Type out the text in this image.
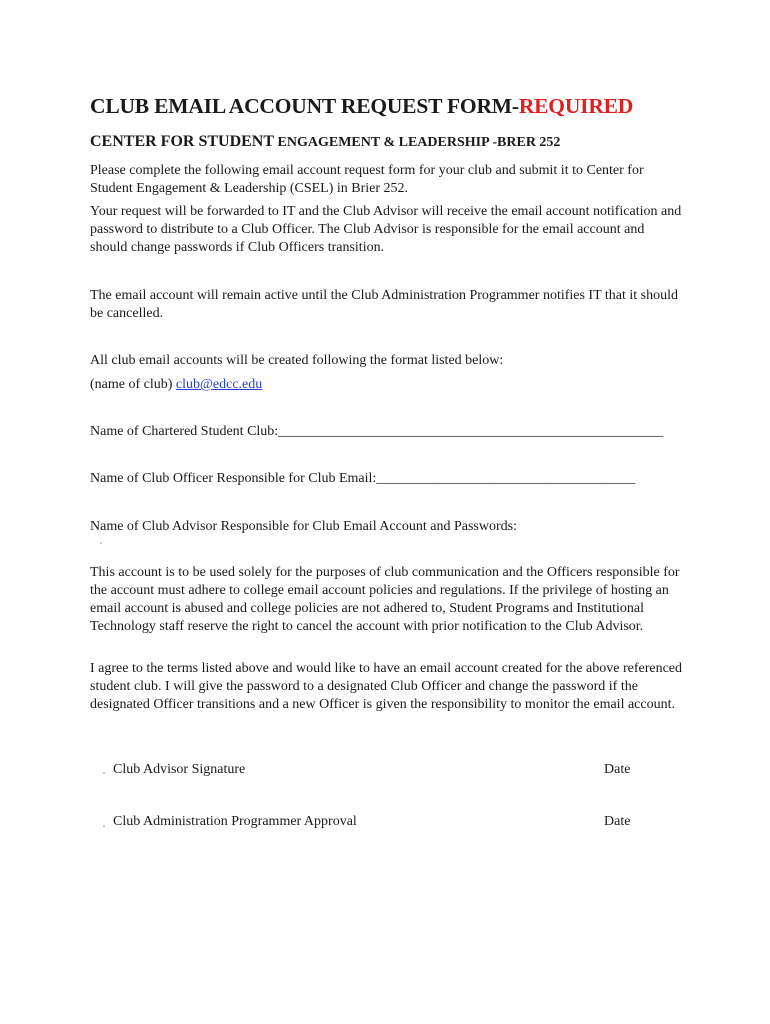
CLUB EMAIL ACCOUNT REQUEST FORM-REQUIRED
CENTER FOR STUDENT ENGAGEMENT & LEADERSHIP -BRER 252
Please complete the following email account request form for your club and submit it to Center for Student Engagement & Leadership (CSEL) in Brier 252.
Your request will be forwarded to IT and the Club Advisor will receive the email account notification and password to distribute to a Club Officer. The Club Advisor is responsible for the email account and should change passwords if Club Officers transition.
The email account will remain active until the Club Administration Programmer notifies IT that it should be cancelled.
All club email accounts will be created following the format listed below:
(name of club) club@edcc.edu
Name of Chartered Student Club:_______________________________________________________
Name of Club Officer Responsible for Club Email:_____________________________________
Name of Club Advisor Responsible for Club Email Account and Passwords:
This account is to be used solely for the purposes of club communication and the Officers responsible for the account must adhere to college email account policies and regulations. If the privilege of hosting an email account is abused and college policies are not adhered to, Student Programs and Institutional Technology staff reserve the right to cancel the account with prior notification to the Club Advisor.
I agree to the terms listed above and would like to have an email account created for the above referenced student club. I will give the password to a designated Club Officer and change the password if the designated Officer transitions and a new Officer is given the responsibility to monitor the email account.
Club Advisor Signature	Date
Club Administration Programmer Approval	Date
